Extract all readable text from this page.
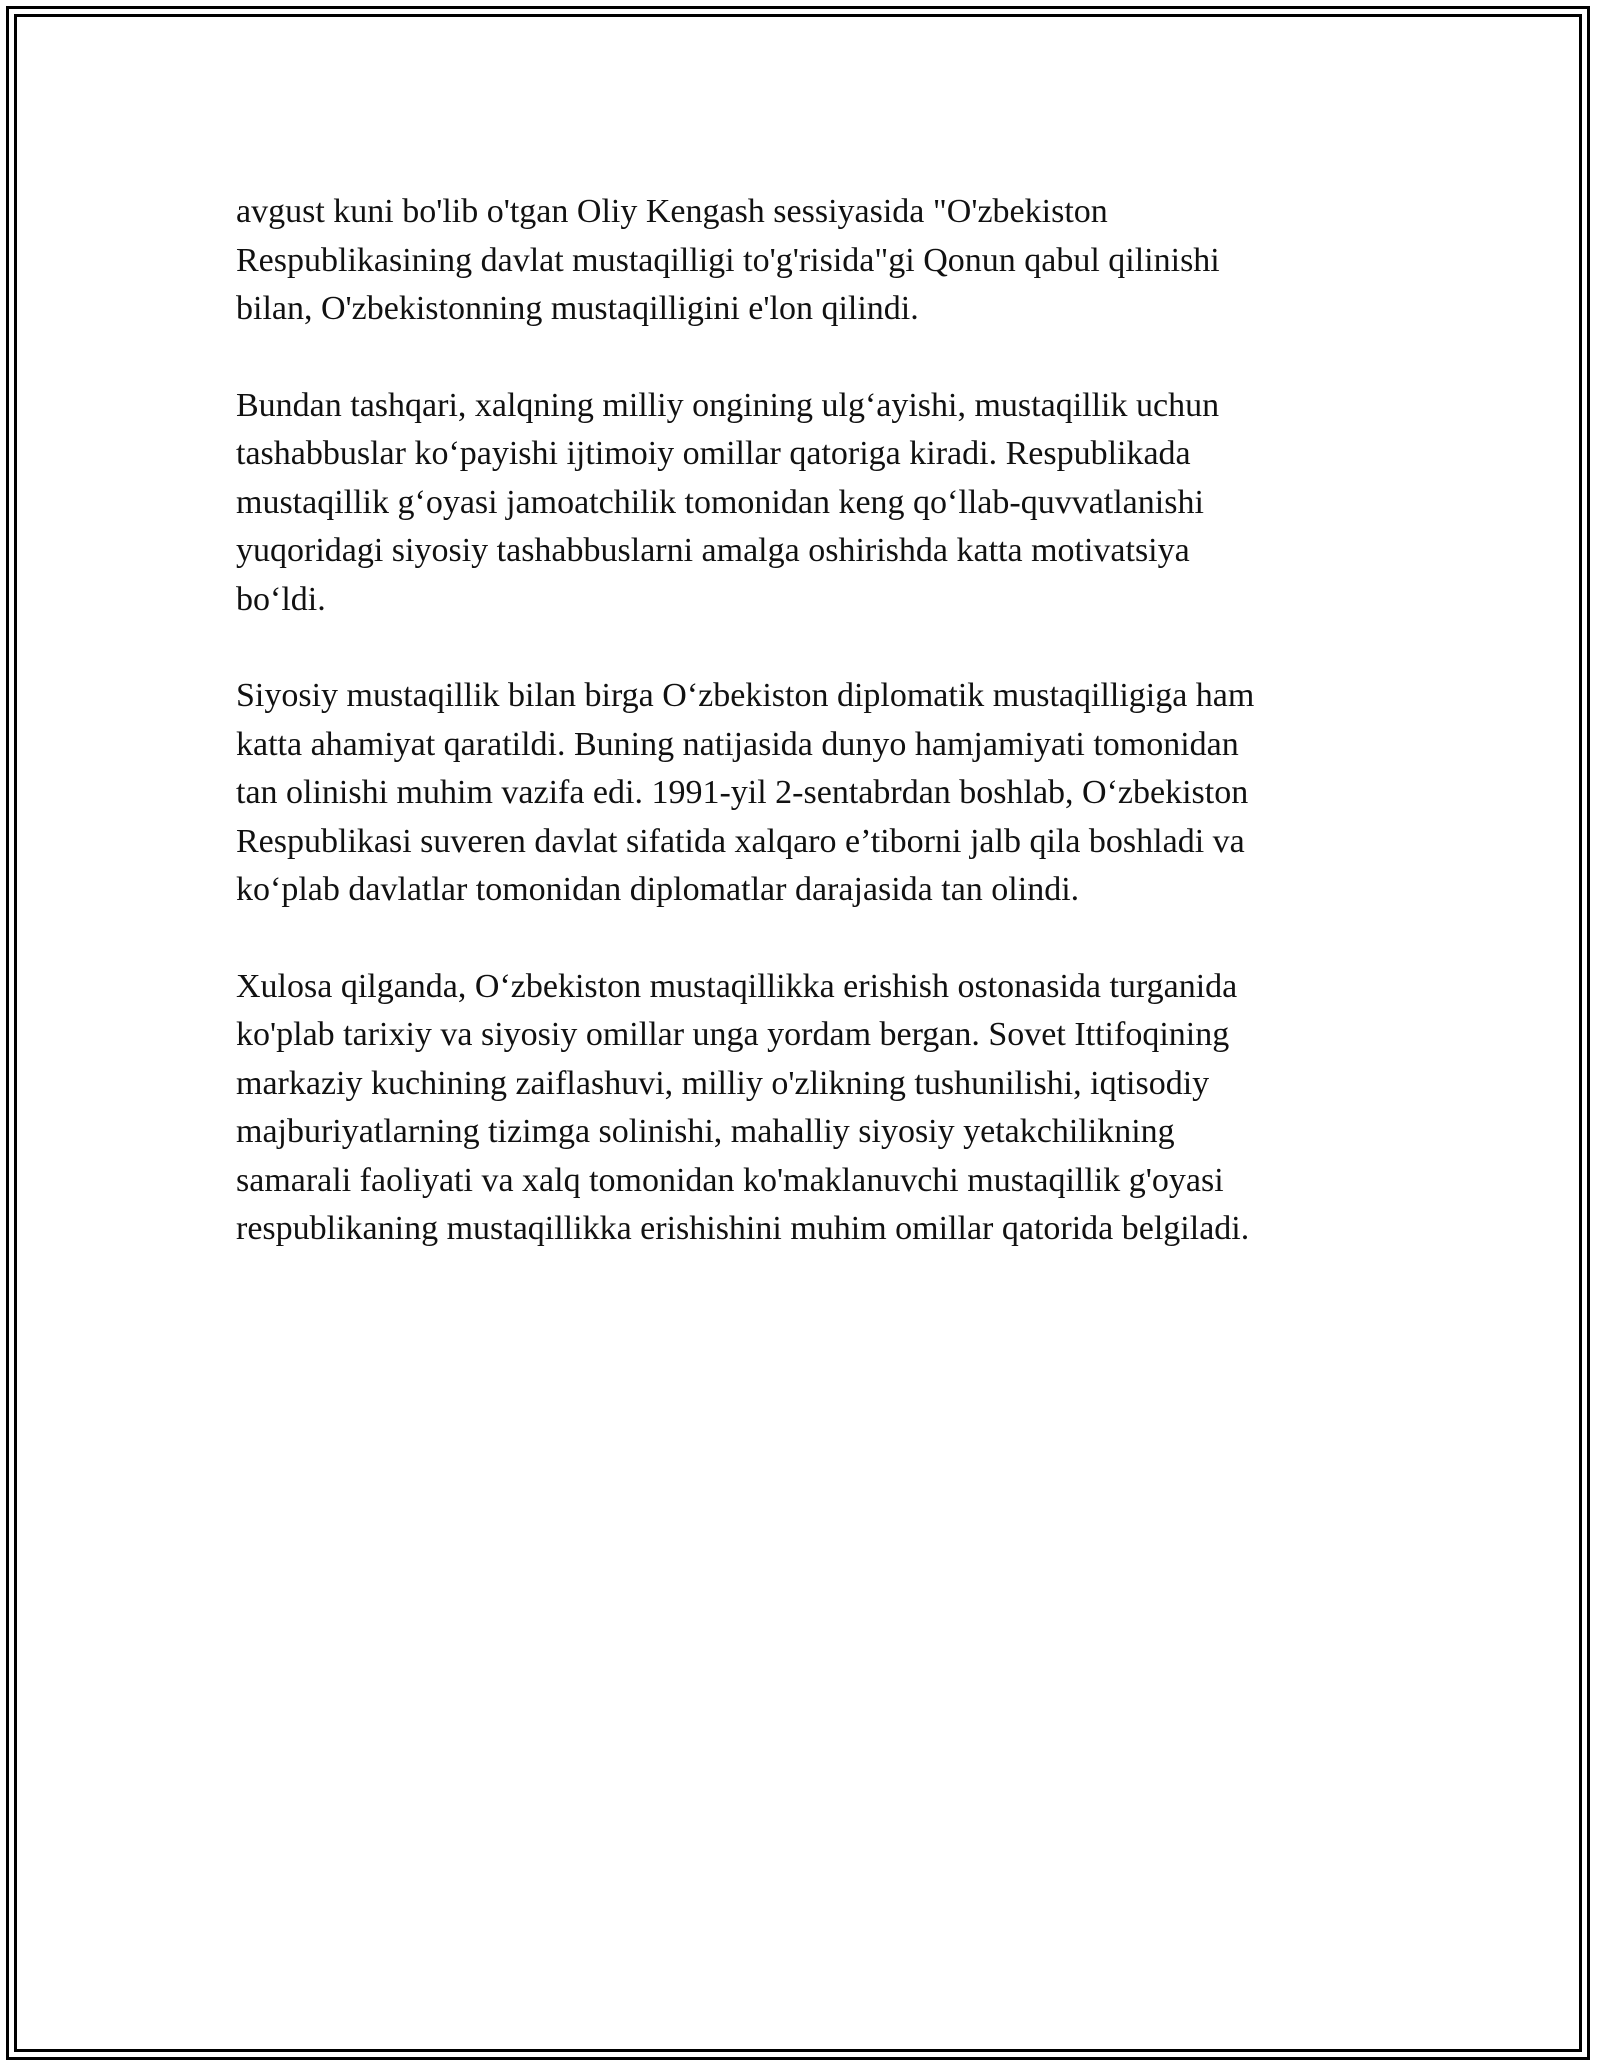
avgust kuni bo'lib o'tgan Oliy Kengash sessiyasida "O'zbekiston
Respublikasining davlat mustaqilligi to'g'risida"gi Qonun qabul qilinishi
bilan, O'zbekistonning mustaqilligini e'lon qilindi.
Bundan tashqari, xalqning milliy ongining ulg‘ayishi, mustaqillik uchun
tashabbuslar ko‘payishi ijtimoiy omillar qatoriga kiradi. Respublikada
mustaqillik g‘oyasi jamoatchilik tomonidan keng qo‘llab-quvvatlanishi
yuqoridagi siyosiy tashabbuslarni amalga oshirishda katta motivatsiya
bo‘ldi.
Siyosiy mustaqillik bilan birga O‘zbekiston diplomatik mustaqilligiga ham
katta ahamiyat qaratildi. Buning natijasida dunyo hamjamiyati tomonidan
tan olinishi muhim vazifa edi. 1991-yil 2-sentabrdan boshlab, O‘zbekiston
Respublikasi suveren davlat sifatida xalqaro e’tiborni jalb qila boshladi va
ko‘plab davlatlar tomonidan diplomatlar darajasida tan olindi.
Xulosa qilganda, O‘zbekiston mustaqillikka erishish ostonasida turganida
ko'plab tarixiy va siyosiy omillar unga yordam bergan. Sovet Ittifoqining
markaziy kuchining zaiflashuvi, milliy o'zlikning tushunilishi, iqtisodiy
majburiyatlarning tizimga solinishi, mahalliy siyosiy yetakchilikning
samarali faoliyati va xalq tomonidan ko'maklanuvchi mustaqillik g'oyasi
respublikaning mustaqillikka erishishini muhim omillar qatorida belgiladi.
